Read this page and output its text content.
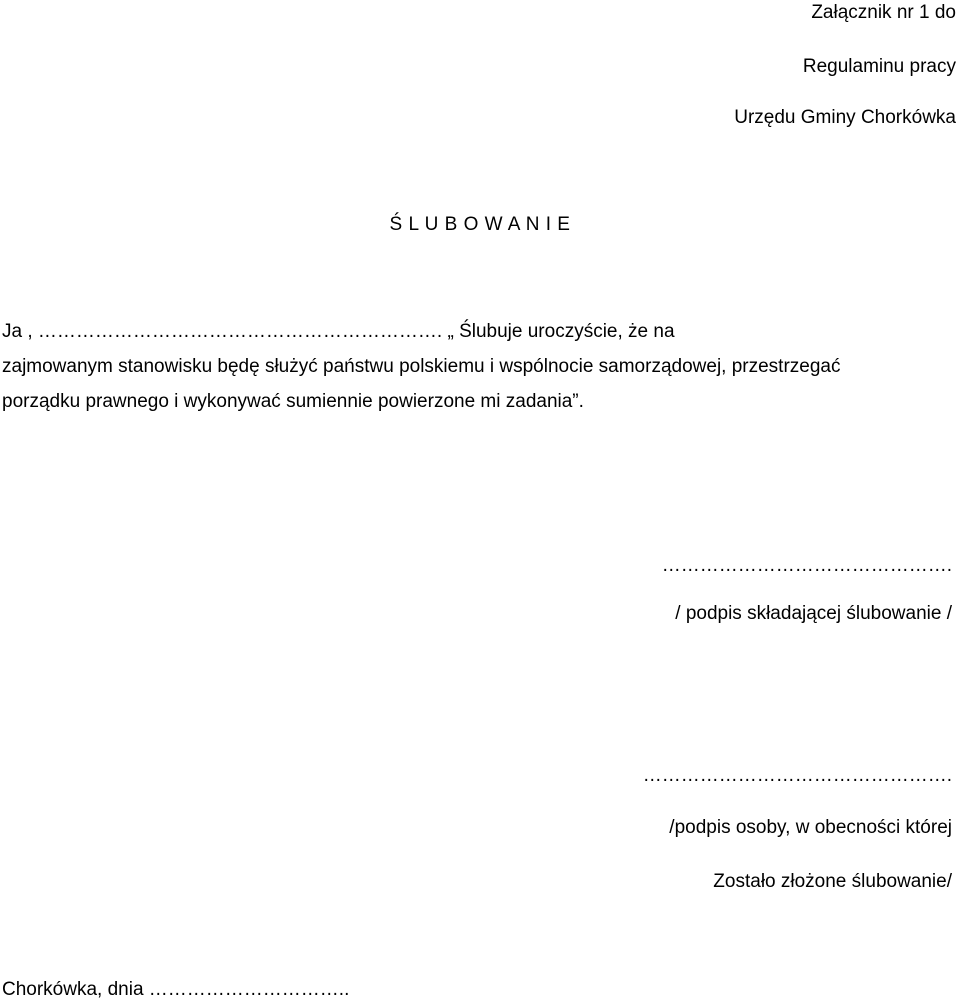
Załącznik nr 1 do
Regulaminu pracy
Urzędu Gminy Chorkówka
Ś L U B O W A N I E
Ja , ………………………………………………………. „ Ślubuje uroczyście, że na
zajmowanym stanowisku będę służyć państwu polskiemu i wspólnocie samorządowej, przestrzegać
porządku prawnego i wykonywać sumiennie powierzone mi zadania”.
……………………………………….
/ podpis składającej ślubowanie /
………………………………………….
/podpis osoby, w obecności której
Zostało złożone ślubowanie/
Chorkówka, dnia …………………………..
